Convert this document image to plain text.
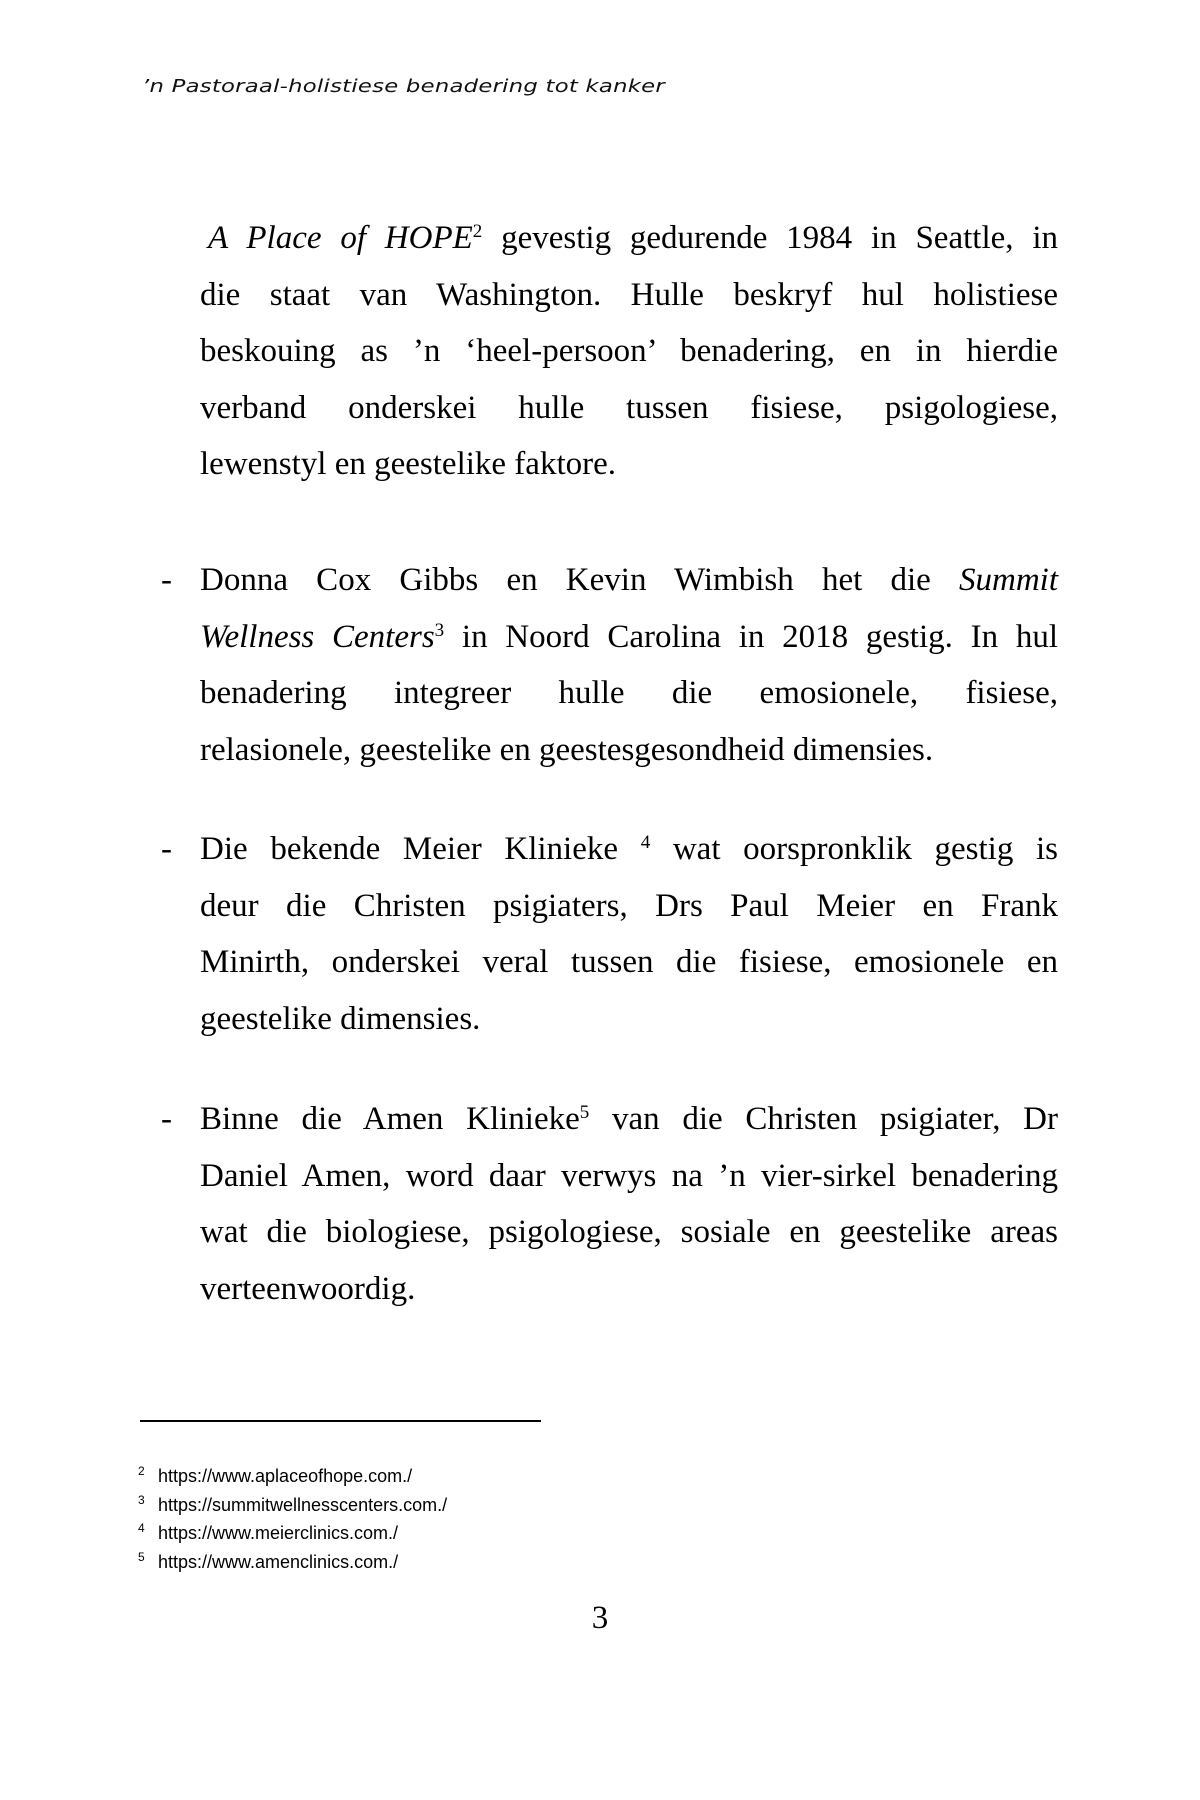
’n Pastoraal-holistiese benadering tot kanker
A Place of HOPE$^2$ gevestig gedurende 1984 in Seattle, in
die staat van Washington. Hulle beskryf hul holistiese
beskouing as ’n ‘heel-persoon’ benadering, en in hierdie
verband onderskei hulle tussen fisiese, psigologiese,
lewenstyl en geestelike faktore.
- Donna Cox Gibbs en Kevin Wimbish het die Summit
Wellness Centers$^3$ in Noord Carolina in 2018 gestig. In hul
benadering integreer hulle die emosionele, fisiese,
relasionele, geestelike en geestesgesondheid dimensies.
- Die bekende Meier Klinieke $^4$ wat oorspronklik gestig is
deur die Christen psigiaters, Drs Paul Meier en Frank
Minirth, onderskei veral tussen die fisiese, emosionele en
geestelike dimensies.
- Binne die Amen Klinieke$^5$ van die Christen psigiater, Dr
Daniel Amen, word daar verwys na ’n vier-sirkel benadering
wat die biologiese, psigologiese, sosiale en geestelike areas
verteenwoordig.
2 https://www.aplaceofhope.com./
3 https://summitwellnesscenters.com./
4 https://www.meierclinics.com./
5 https://www.amenclinics.com./
3
